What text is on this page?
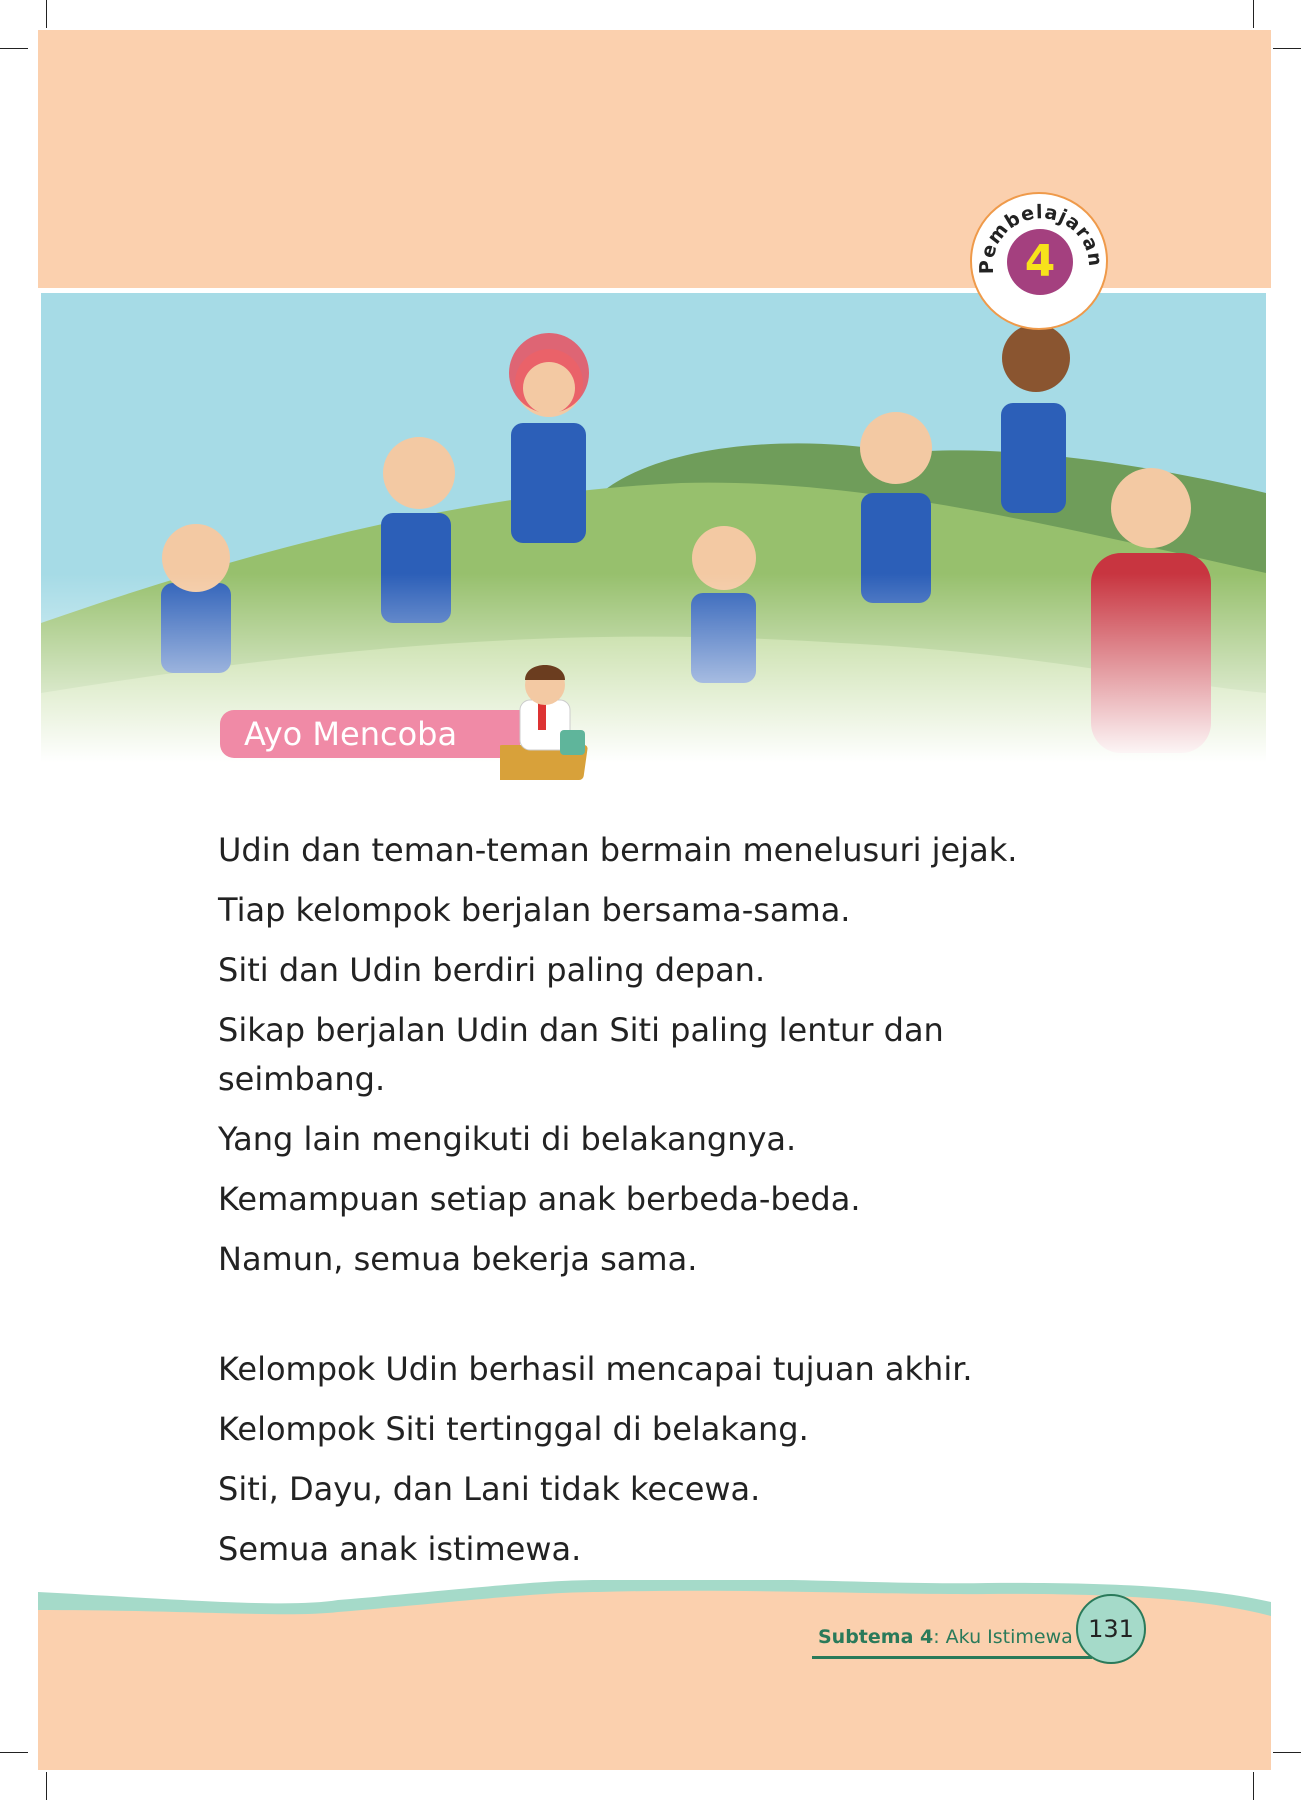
Pembelajaran
4
Ayo Mencoba

Udin dan teman-teman bermain menelusuri jejak.

Tiap kelompok berjalan bersama-sama.

Siti dan Udin berdiri paling depan.

Sikap berjalan Udin dan Siti paling lentur dan seimbang.

Yang lain mengikuti di belakangnya.

Kemampuan setiap anak berbeda-beda.

Namun, semua bekerja sama.

Kelompok Udin berhasil mencapai tujuan akhir.

Kelompok Siti tertinggal di belakang.

Siti, Dayu, dan Lani tidak kecewa.

Semua anak istimewa.

Subtema 4: Aku Istimewa 131
